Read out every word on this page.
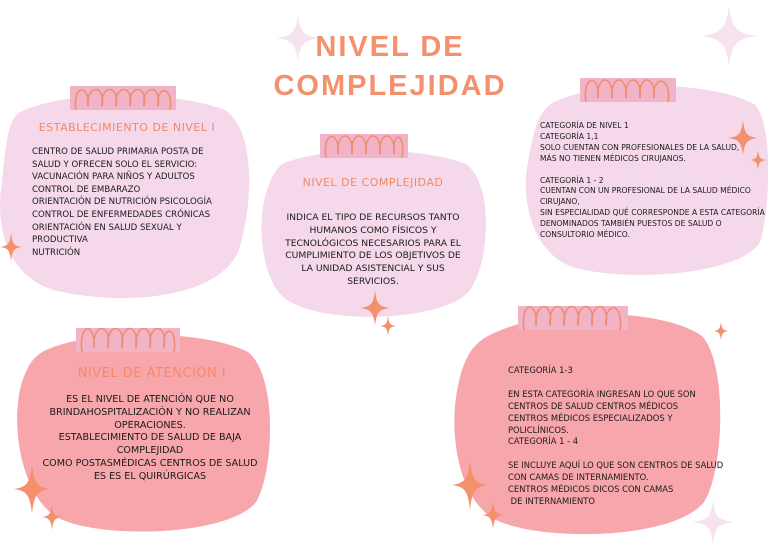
NIVEL DE
COMPLEJIDAD
ESTABLECIMIENTO DE NIVEL I
CENTRO DE SALUD PRIMARIA POSTA DE
SALUD Y OFRECEN SOLO EL SERVICIO:
VACUNACIÓN PARA NIÑOS Y ADULTOS
CONTROL DE EMBARAZO
ORIENTACIÓN DE NUTRICIÓN PSICOLOGÍA
CONTROL DE ENFERMEDADES CRÓNICAS
ORIENTACIÓN EN SALUD SEXUAL Y
PRODUCTIVA
NUTRICIÓN
NIVEL DE COMPLEJIDAD
INDICA EL TIPO DE RECURSOS TANTO
HUMANOS COMO FÍSICOS Y
TECNOLÓGICOS NECESARIOS PARA EL
CUMPLIMIENTO DE LOS OBJETIVOS DE
LA UNIDAD ASISTENCIAL Y SUS
SERVICIOS.
CATEGORÍA DE NIVEL 1
CATEGORÍA 1,1
SOLO CUENTAN CON PROFESIONALES DE LA SALUD,
MÁS NO TIENEN MÉDICOS CIRUJANOS.

CATEGORÍA 1 - 2
CUENTAN CON UN PROFESIONAL DE LA SALUD MÉDICO
CIRUJANO,
SIN ESPECIALIDAD QUÉ CORRESPONDE A ESTA CATEGORÍA
DENOMINADOS TAMBIÉN PUESTOS DE SALUD O
CONSULTORIO MÉDICO.
NIVEL DE ATENCIÓN I
ES EL NIVEL DE ATENCIÓN QUE NO
BRINDAHOSPITALIZACIÓN Y NO REALIZAN
OPERACIONES.
ESTABLECIMIENTO DE SALUD DE BAJA
COMPLEJIDAD
COMO POSTASMÉDICAS CENTROS DE SALUD
ES ES EL QUIRÚRGICAS
CATEGORÍA 1-3

EN ESTA CATEGORÍA INGRESAN LO QUE SON
CENTROS DE SALUD CENTROS MÉDICOS
CENTROS MÉDICOS ESPECIALIZADOS Y
POLICLÍNICOS.
CATEGORÍA 1 - 4

SE INCLUYE AQUÍ LO QUE SON CENTROS DE SALUD
CON CAMAS DE INTERNAMIENTO.
CENTROS MÉDICOS DICOS CON CAMAS
DE INTERNAMIENTO
